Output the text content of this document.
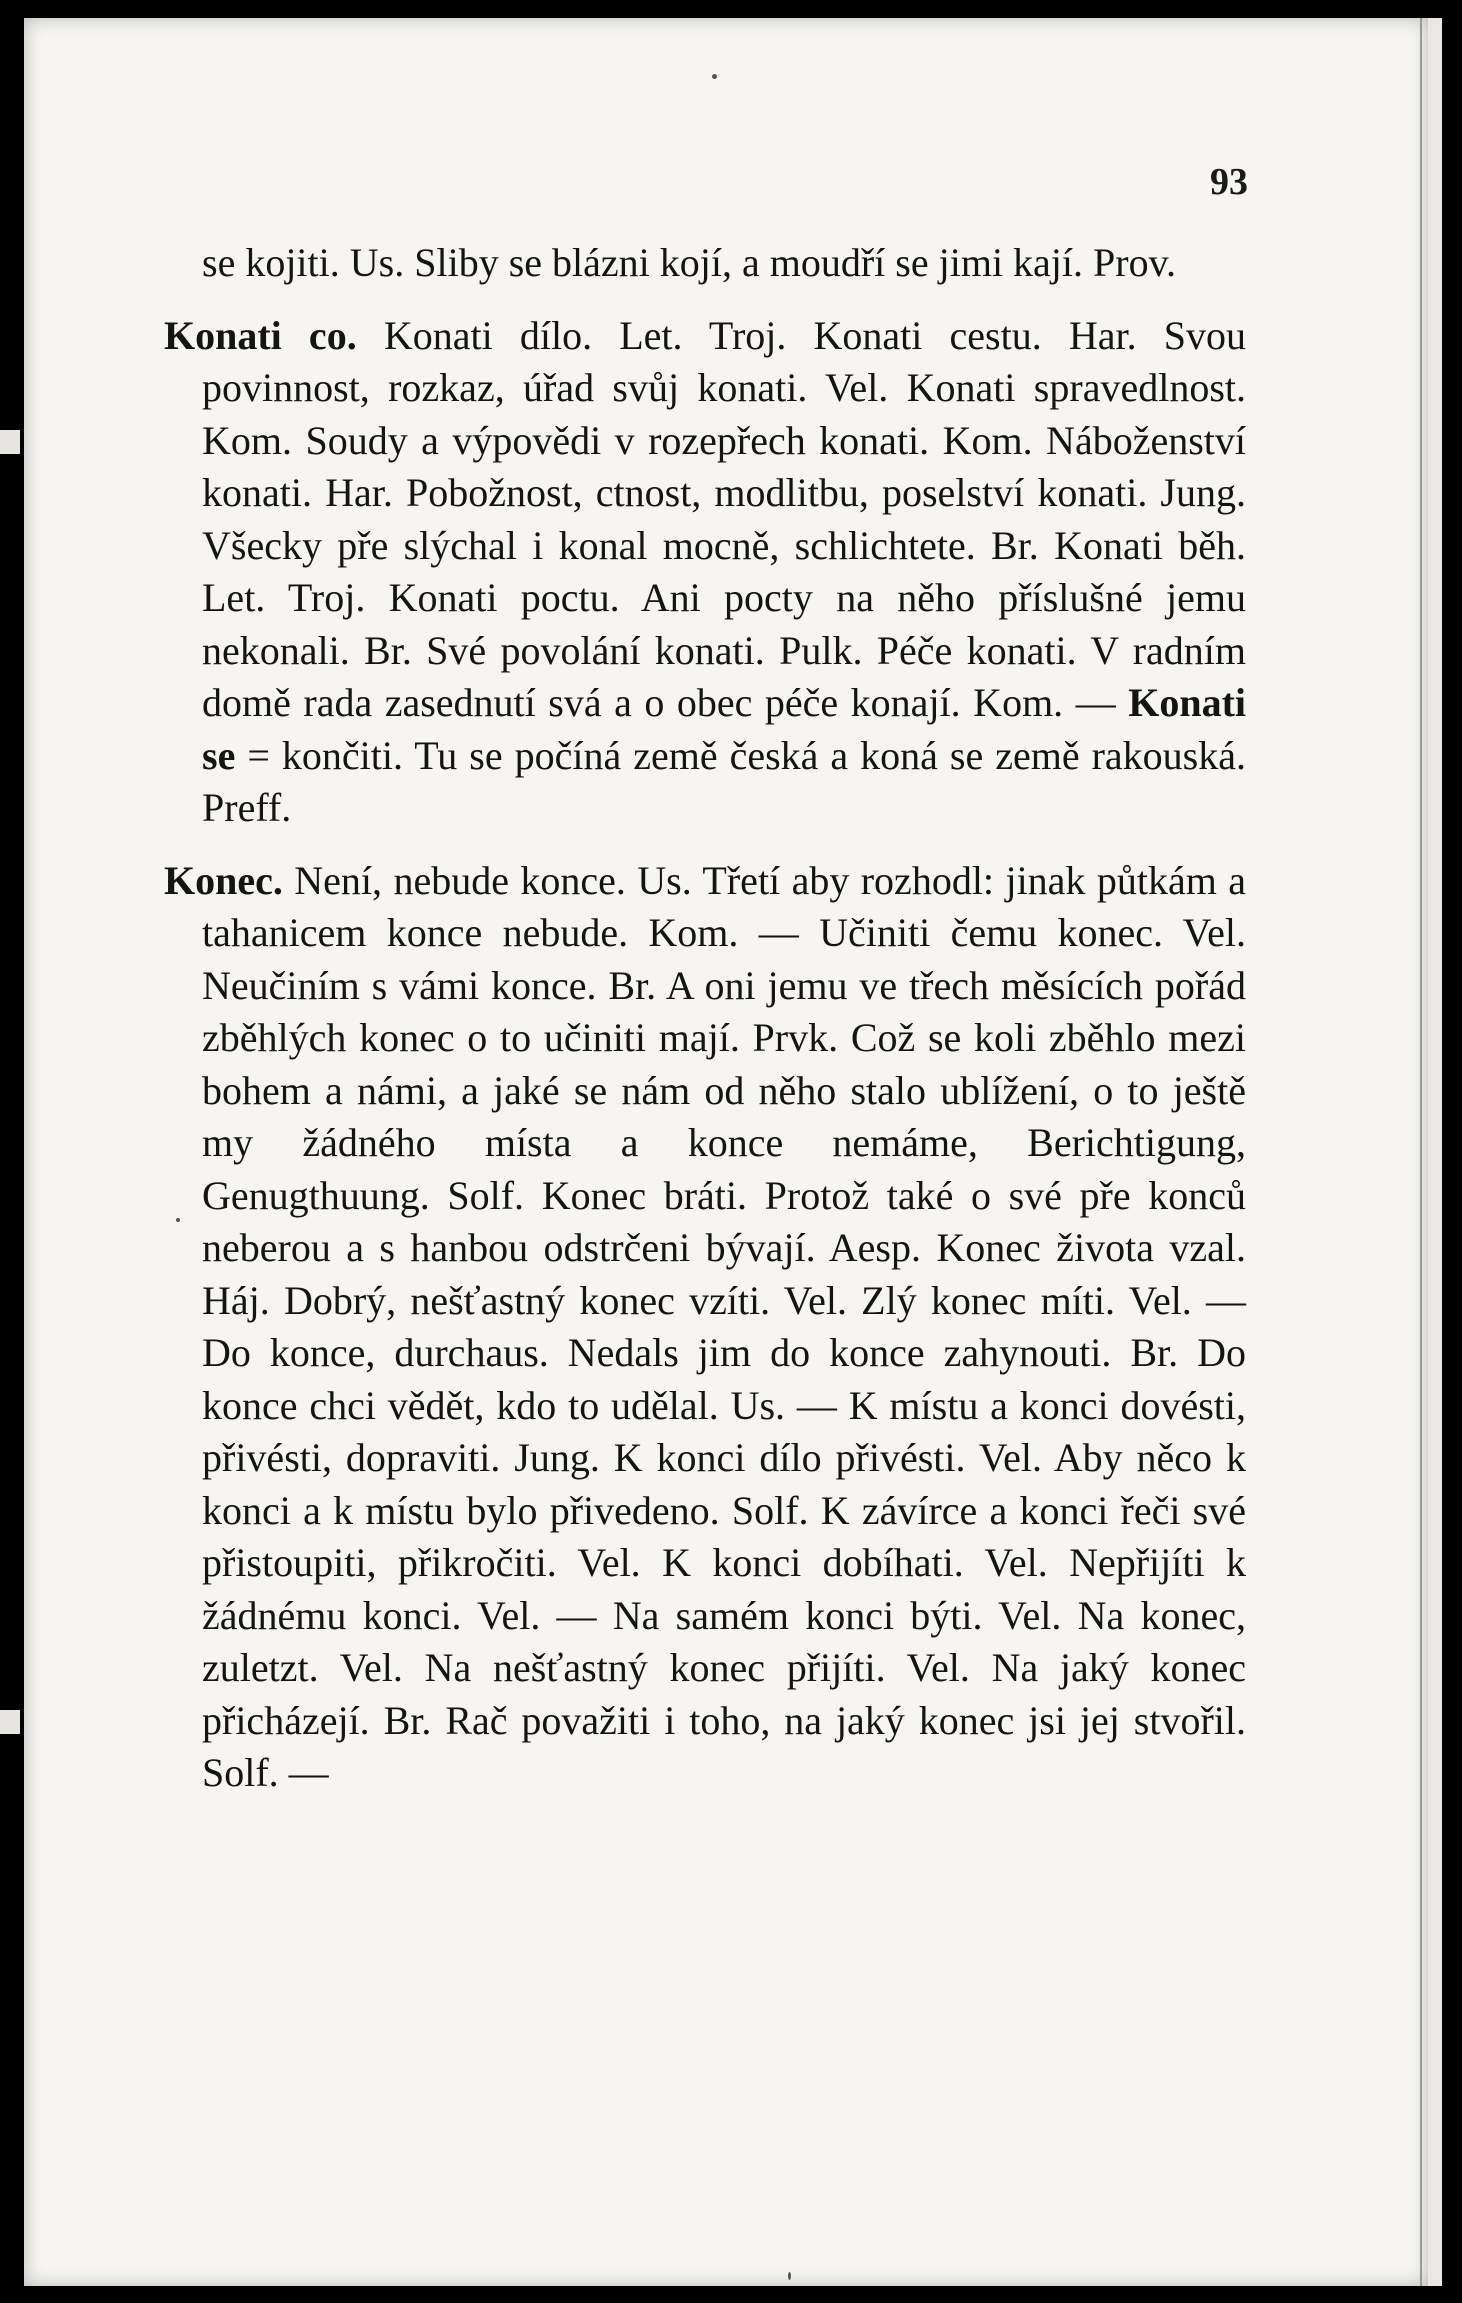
93

se kojiti. Us. Sliby se blázni kojí, a moudří se jimi kají. Prov.

Konati co. Konati dílo. Let. Troj. Konati cestu. Har. Svou povinnost, rozkaz, úřad svůj konati. Vel. Konati spravedlnost. Kom. Soudy a výpovědi v rozepřech konati. Kom. Náboženství konati. Har. Pobožnost, ctnost, modlitbu, poselství konati. Jung. Všecky pře slýchal i konal mocně, schlichtete. Br. Konati běh. Let. Troj. Konati poctu. Ani pocty na něho příslušné jemu nekonali. Br. Své povolání konati. Pulk. Péče konati. V radním domě rada zasednutí svá a o obec péče konají. Kom. — Konati se = končiti. Tu se počíná země česká a koná se země rakouská. Preff.

Konec. Není, nebude konce. Us. Třetí aby rozhodl: jinak půtkám a tahanicem konce nebude. Kom. — Učiniti čemu konec. Vel. Neučiním s vámi konce. Br. A oni jemu ve třech měsících pořád zběhlých konec o to učiniti mají. Prvk. Což se koli zběhlo mezi bohem a námi, a jaké se nám od něho stalo ublížení, o to ještě my žádného místa a konce nemáme, Berichtigung, Genugthuung. Solf. Konec bráti. Protož také o své pře konců neberou a s hanbou odstrčeni bývají. Aesp. Konec života vzal. Háj. Dobrý, nešťastný konec vzíti. Vel. Zlý konec míti. Vel. — Do konce, durchaus. Nedals jim do konce zahynouti. Br. Do konce chci vědět, kdo to udělal. Us. — K místu a konci dovésti, přivésti, dopraviti. Jung. K konci dílo přivésti. Vel. Aby něco k konci a k místu bylo přivedeno. Solf. K závírce a konci řeči své přistoupiti, přikročiti. Vel. K konci dobíhati. Vel. Nepřijíti k žádnému konci. Vel. — Na samém konci býti. Vel. Na konec, zuletzt. Vel. Na nešťastný konec přijíti. Vel. Na jaký konec přicházejí. Br. Rač považiti i toho, na jaký konec jsi jej stvořil. Solf. —
